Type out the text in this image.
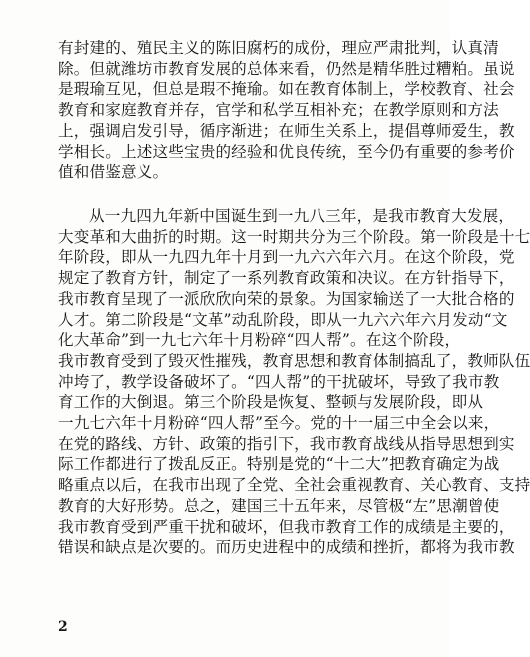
有封建的、殖民主义的陈旧腐朽的成份，理应严肃批判，认真清
除。但就潍坊市教育发展的总体来看，仍然是精华胜过糟粕。虽说
是瑕瑜互见，但总是瑕不掩瑜。如在教育体制上，学校教育、社会
教育和家庭教育并存，官学和私学互相补充；在教学原则和方法
上，强调启发引导，循序渐进；在师生关系上，提倡尊师爱生，教
学相长。上述这些宝贵的经验和优良传统，至今仍有重要的参考价
值和借鉴意义。
从一九四九年新中国诞生到一九八三年，是我市教育大发展，
大变革和大曲折的时期。这一时期共分为三个阶段。第一阶段是十七
年阶段，即从一九四九年十月到一九六六年六月。在这个阶段，党
规定了教育方针，制定了一系列教育政策和决议。在方针指导下，
我市教育呈现了一派欣欣向荣的景象。为国家输送了一大批合格的
人才。第二阶段是“文革”动乱阶段，即从一九六六年六月发动“文
化大革命”到一九七六年十月粉碎“四人帮”。在这个阶段，
我市教育受到了毁灭性摧残，教育思想和教育体制搞乱了，教师队伍
冲垮了，教学设备破坏了。“四人帮”的干扰破坏，导致了我市教
育工作的大倒退。第三个阶段是恢复、整顿与发展阶段，即从
一九七六年十月粉碎“四人帮”至今。党的十一届三中全会以来，
在党的路线、方针、政策的指引下，我市教育战线从指导思想到实
际工作都进行了拨乱反正。特别是党的“十二大”把教育确定为战
略重点以后，在我市出现了全党、全社会重视教育、关心教育、支持
教育的大好形势。总之，建国三十五年来，尽管极“左”思潮曾使
我市教育受到严重干扰和破坏，但我市教育工作的成绩是主要的，
错误和缺点是次要的。而历史进程中的成绩和挫折，都将为我市教
2
